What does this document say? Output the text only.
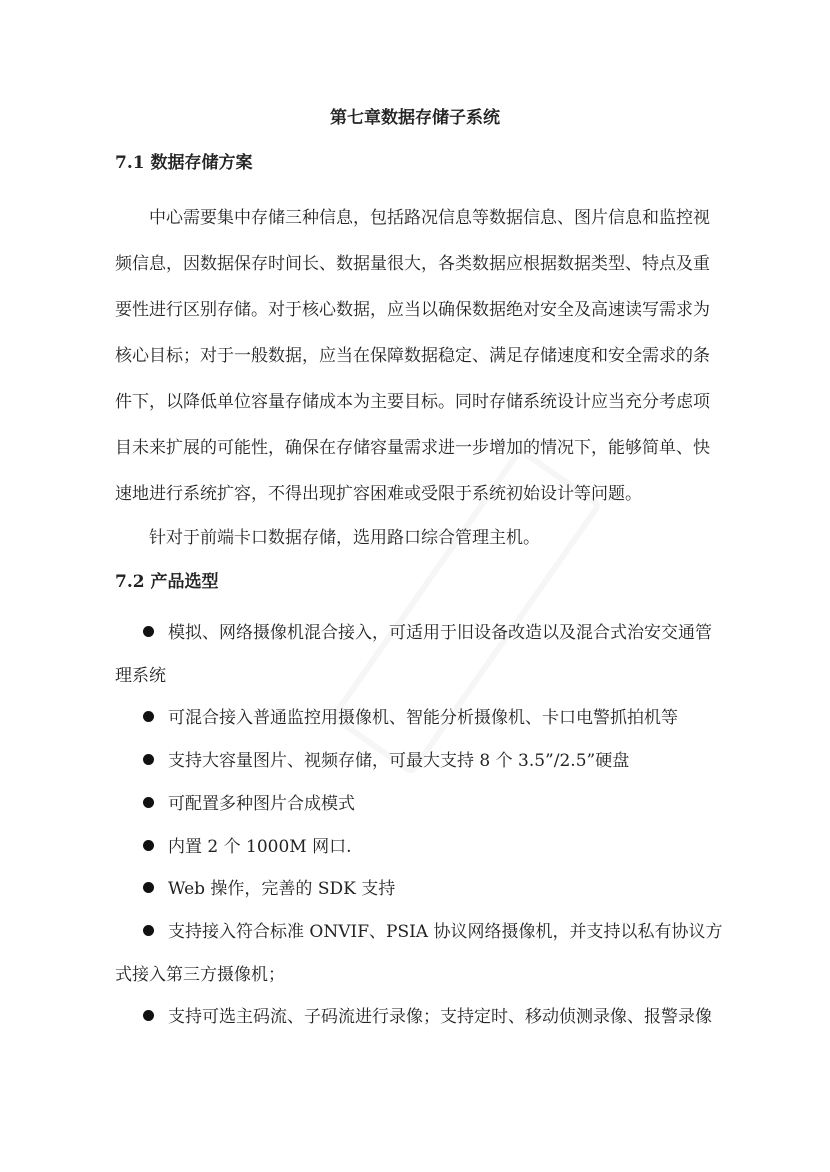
第七章数据存储子系统
7.1 数据存储方案
中心需要集中存储三种信息，包括路况信息等数据信息、图片信息和监控视
频信息，因数据保存时间长、数据量很大，各类数据应根据数据类型、特点及重
要性进行区别存储。对于核心数据，应当以确保数据绝对安全及高速读写需求为
核心目标；对于一般数据，应当在保障数据稳定、满足存储速度和安全需求的条
件下，以降低单位容量存储成本为主要目标。同时存储系统设计应当充分考虑项
目未来扩展的可能性，确保在存储容量需求进一步增加的情况下，能够简单、快
速地进行系统扩容，不得出现扩容困难或受限于系统初始设计等问题。
针对于前端卡口数据存储，选用路口综合管理主机。
7.2 产品选型
模拟、网络摄像机混合接入，可适用于旧设备改造以及混合式治安交通管
理系统
可混合接入普通监控用摄像机、智能分析摄像机、卡口电警抓拍机等
支持大容量图片、视频存储，可最大支持 8 个 3.5”/2.5”硬盘
可配置多种图片合成模式
内置 2 个 1000M 网口.
Web 操作，完善的 SDK 支持
支持接入符合标准 ONVIF、PSIA 协议网络摄像机，并支持以私有协议方
式接入第三方摄像机；
支持可选主码流、子码流进行录像；支持定时、移动侦测录像、报警录像
